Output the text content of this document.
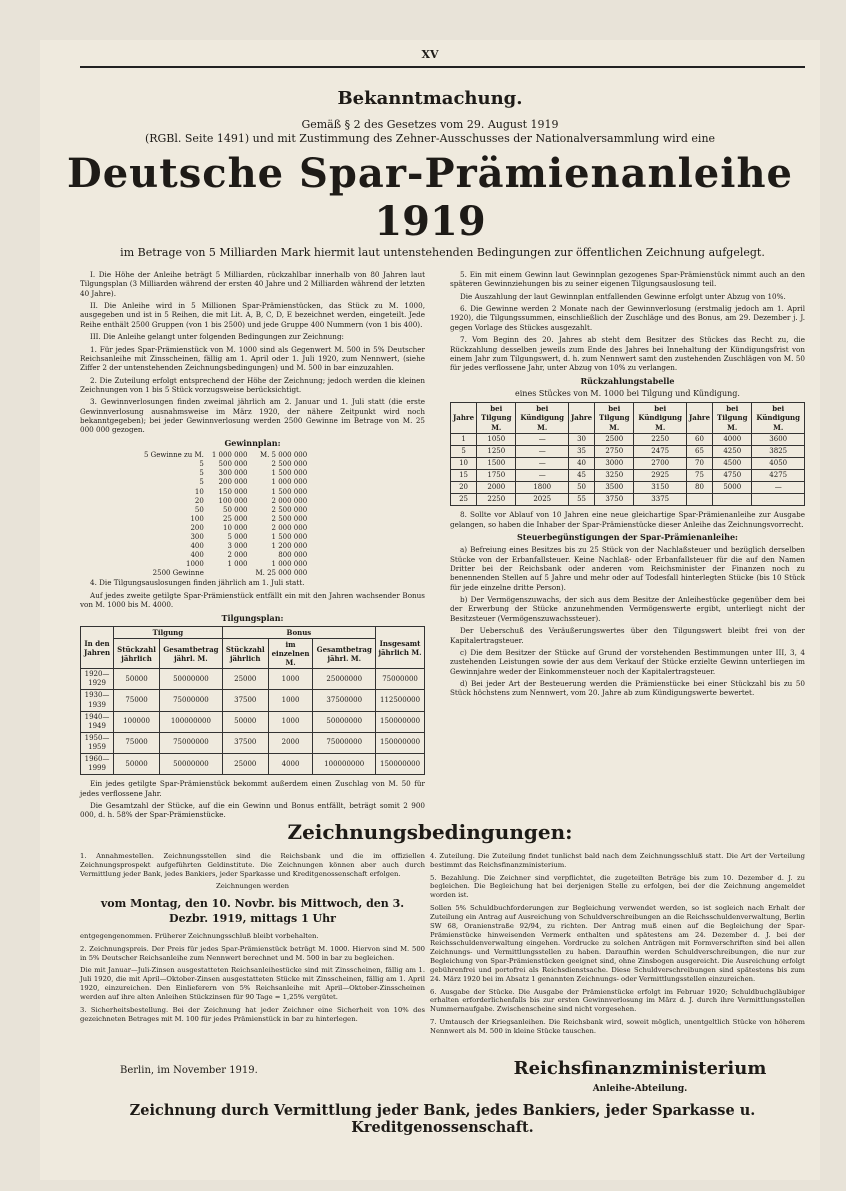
XV
Bekanntmachung.
Gemäß § 2 des Gesetzes vom 29. August 1919
(RGBl. Seite 1491) und mit Zustimmung des Zehner-Ausschusses der Nationalversammlung wird eine
Deutsche Spar-Prämienanleihe
1919
im Betrage von 5 Milliarden Mark hiermit laut untenstehenden Bedingungen zur öffentlichen Zeichnung aufgelegt.

I. Die Höhe der Anleihe beträgt 5 Milliarden, rückzahlbar innerhalb von 80 Jahren laut Tilgungsplan (3 Milliarden während der ersten 40 Jahre und 2 Milliarden während der letzten 40 Jahre).

II. Die Anleihe wird in 5 Millionen Spar-Prämienstücken, das Stück zu M. 1000, ausgegeben und ist in 5 Reihen, die mit Lit. A, B, C, D, E bezeichnet werden, eingeteilt. Jede Reihe enthält 2500 Gruppen (von 1 bis 2500) und jede Gruppe 400 Nummern (von 1 bis 400).

III. Die Anleihe gelangt unter folgenden Bedingungen zur Zeichnung:

1. Für jedes Spar-Prämienstück von M. 1000 sind als Gegenwert M. 500 in 5% Deutscher Reichsanleihe mit Zinsscheinen, fällig am 1. April oder 1. Juli 1920, zum Nennwert, (siehe Ziffer 2 der untenstehenden Zeichnungsbedingungen) und M. 500 in bar einzuzahlen.

2. Die Zuteilung erfolgt entsprechend der Höhe der Zeichnung; jedoch werden die kleinen Zeichnungen von 1 bis 5 Stück vorzugsweise berücksichtigt.

3. Gewinnverlosungen finden zweimal jährlich am 2. Januar und 1. Juli statt (die erste Gewinnverlosung ausnahmsweise im März 1920, der nähere Zeitpunkt wird noch bekanntgegeben); bei jeder Gewinnverlosung werden 2500 Gewinne im Betrage von M. 25 000 000 gezogen.

Gewinnplan:
5 Gewinne zu M.	1 000 000	M. 5 000 000
5	500 000	2 500 000
5	300 000	1 500 000
5	200 000	1 000 000
10	150 000	1 500 000
20	100 000	2 000 000
50	50 000	2 500 000
100	25 000	2 500 000
200	10 000	2 000 000
300	5 000	1 500 000
400	3 000	1 200 000
400	2 000	800 000
1000	1 000	1 000 000
2500 Gewinne		M. 25 000 000

4. Die Tilgungsauslosungen finden jährlich am 1. Juli statt.

Auf jedes zweite getilgte Spar-Prämienstück entfällt ein mit den Jahren wachsender Bonus von M. 1000 bis M. 4000.

Tilgungsplan:
In den Jahren	Tilgung		Bonus			Insgesamt jährlich M.
	Stückzahl jährlich	Gesamtbetrag jährl. M.	Stückzahl jährlich	im einzelnen M.	Gesamtbetrag jährl. M.	
1920—1929	50000	50000000	25000	1000	25000000	75000000
1930—1939	75000	75000000	37500	1000	37500000	112500000
1940—1949	100000	100000000	50000	1000	50000000	150000000
1950—1959	75000	75000000	37500	2000	75000000	150000000
1960—1999	50000	50000000	25000	4000	100000000	150000000

Ein jedes getilgte Spar-Prämienstück bekommt außerdem einen Zuschlag von M. 50 für jedes verflossene Jahr.

Die Gesamtzahl der Stücke, auf die ein Gewinn und Bonus entfällt, beträgt somit 2 900 000, d. h. 58% der Spar-Prämienstücke.

5. Ein mit einem Gewinn laut Gewinnplan gezogenes Spar-Prämienstück nimmt auch an den späteren Gewinnziehungen bis zu seiner eigenen Tilgungsauslosung teil.

Die Auszahlung der laut Gewinnplan entfallenden Gewinne erfolgt unter Abzug von 10%.

6. Die Gewinne werden 2 Monate nach der Gewinnverlosung (erstmalig jedoch am 1. April 1920), die Tilgungssummen, einschließlich der Zuschläge und des Bonus, am 29. Dezember j. J. gegen Vorlage des Stückes ausgezahlt.

7. Vom Beginn des 20. Jahres ab steht dem Besitzer des Stückes das Recht zu, die Rückzahlung desselben jeweils zum Ende des Jahres bei Innehaltung der Kündigungsfrist von einem Jahr zum Tilgungswert, d. h. zum Nennwert samt den zustehenden Zuschlägen von M. 50 für jedes verflossene Jahr, unter Abzug von 10% zu verlangen.

Rückzahlungstabelle
eines Stückes von M. 1000 bei Tilgung und Kündigung.
Jahre	bei Tilgung M.	bei Kündigung M.	Jahre	bei Tilgung M.	bei Kündigung M.	Jahre	bei Tilgung M.	bei Kündigung M.
1	1050	—	30	2500	2250	60	4000	3600
5	1250	—	35	2750	2475	65	4250	3825
10	1500	—	40	3000	2700	70	4500	4050
15	1750	—	45	3250	2925	75	4750	4275
20	2000	1800	50	3500	3150	80	5000	—
25	2250	2025	55	3750	3375			

8. Sollte vor Ablauf von 10 Jahren eine neue gleichartige Spar-Prämienanleihe zur Ausgabe gelangen, so haben die Inhaber der Spar-Prämienstücke dieser Anleihe das Zeichnungsvorrecht.

Steuerbegünstigungen der Spar-Prämienanleihe:

a) Befreiung eines Besitzes bis zu 25 Stück von der Nachlaßsteuer und bezüglich derselben Stücke von der Erbanfallsteuer. Keine Nachlaß- oder Erbanfallsteuer für die auf den Namen Dritter bei der Reichsbank oder anderen vom Reichsminister der Finanzen noch zu benennenden Stellen auf 5 Jahre und mehr oder auf Todesfall hinterlegten Stücke (bis 10 Stück für jede einzelne dritte Person).

b) Der Vermögenszuwachs, der sich aus dem Besitze der Anleihestücke gegenüber dem bei der Erwerbung der Stücke anzunehmenden Vermögenswerte ergibt, unterliegt nicht der Besitzsteuer (Vermögenszuwachssteuer).

Der Ueberschuß des Veräußerungswertes über den Tilgungswert bleibt frei von der Kapitalertragsteuer.

c) Die dem Besitzer der Stücke auf Grund der vorstehenden Bestimmungen unter III, 3, 4 zustehenden Leistungen sowie der aus dem Verkauf der Stücke erzielte Gewinn unterliegen im Gewinnjahre weder der Einkommensteuer noch der Kapitalertragsteuer.

d) Bei jeder Art der Besteuerung werden die Prämienstücke bei einer Stückzahl bis zu 50 Stück höchstens zum Nennwert, vom 20. Jahre ab zum Kündigungswerte bewertet.

Zeichnungsbedingungen:

1. Annahmestellen. Zeichnungsstellen sind die Reichsbank und die im offiziellen Zeichnungsprospekt aufgeführten Geldinstitute. Die Zeichnungen können aber auch durch Vermittlung jeder Bank, jedes Bankiers, jeder Sparkasse und Kreditgenossenschaft erfolgen.

Zeichnungen werden

vom Montag, den 10. Novbr. bis Mittwoch, den 3. Dezbr. 1919, mittags 1 Uhr

entgegengenommen. Früherer Zeichnungsschluß bleibt vorbehalten.

2. Zeichnungspreis. Der Preis für jedes Spar-Prämienstück beträgt M. 1000. Hiervon sind M. 500 in 5% Deutscher Reichsanleihe zum Nennwert berechnet und M. 500 in bar zu begleichen.

Die mit Januar—Juli-Zinsen ausgestatteten Reichsanleihestücke sind mit Zinsscheinen, fällig am 1. Juli 1920, die mit April—Oktober-Zinsen ausgestatteten Stücke mit Zinsscheinen, fällig am 1. April 1920, einzureichen. Den Einlieferern von 5% Reichsanleihe mit April—Oktober-Zinsscheinen werden auf ihre alten Anleihen Stückzinsen für 90 Tage = 1,25% vergütet.

3. Sicherheitsbestellung. Bei der Zeichnung hat jeder Zeichner eine Sicherheit von 10% des gezeichneten Betrages mit M. 100 für jedes Prämienstück in bar zu hinterlegen.

4. Zuteilung. Die Zuteilung findet tunlichst bald nach dem Zeichnungsschluß statt. Die Art der Verteilung bestimmt das Reichsfinanzministerium.

5. Bezahlung. Die Zeichner sind verpflichtet, die zugeteilten Beträge bis zum 10. Dezember d. J. zu begleichen. Die Begleichung hat bei derjenigen Stelle zu erfolgen, bei der die Zeichnung angemeldet worden ist.

Sollen 5% Schuldbuchforderungen zur Begleichung verwendet werden, so ist sogleich nach Erhalt der Zuteilung ein Antrag auf Ausreichung von Schuldverschreibungen an die Reichsschuldenverwaltung, Berlin SW 68, Oranienstraße 92/94, zu richten. Der Antrag muß einen auf die Begleichung der Spar-Prämienstücke hinweisenden Vermerk enthalten und spätestens am 24. Dezember d. J. bei der Reichsschuldenverwaltung eingehen. Vordrucke zu solchen Anträgen mit Formverschriften sind bei allen Zeichnungs- und Vermittlungsstellen zu haben. Daraufhin werden Schuldverschreibungen, die nur zur Begleichung von Spar-Prämienstücken geeignet sind, ohne Zinsbogen ausgereicht. Die Ausreichung erfolgt gebührenfrei und portofrei als Reichsdienstsache. Diese Schuldverschreibungen sind spätestens bis zum 24. März 1920 bei im Absatz 1 genannten Zeichnungs- oder Vermittlungsstellen einzureichen.

6. Ausgabe der Stücke. Die Ausgabe der Prämienstücke erfolgt im Februar 1920; Schuldbuchgläubiger erhalten erforderlichenfalls bis zur ersten Gewinnverlosung im März d. J. durch ihre Vermittlungsstellen Nummernaufgabe. Zwischenscheine sind nicht vorgesehen.

7. Umtausch der Kriegsanleihen. Die Reichsbank wird, soweit möglich, unentgeltlich Stücke von höherem Nennwert als M. 500 in kleine Stücke tauschen.

Berlin, im November 1919.	Reichsfinanzministerium
Anleihe-Abteilung.
Zeichnung durch Vermittlung jeder Bank, jedes Bankiers, jeder Sparkasse u. Kreditgenossenschaft.
